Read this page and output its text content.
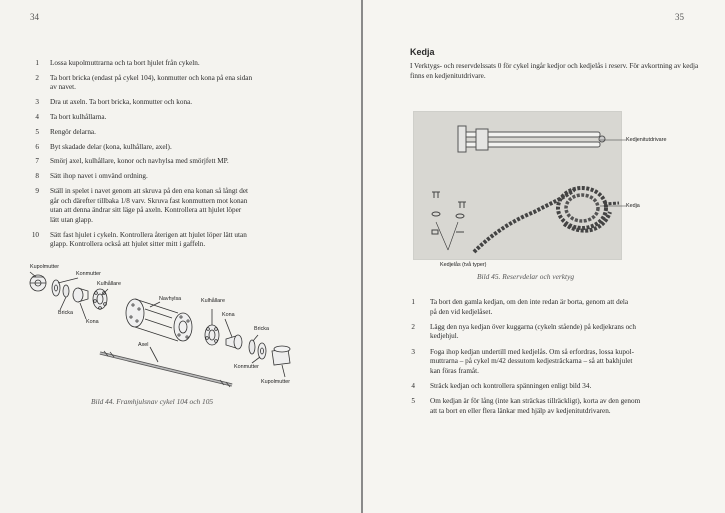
34
1 Lossa kupolmuttrarna och ta bort hjulet från cykeln.
2 Ta bort bricka (endast på cykel 104), konmutter och kona på ena sidan
av navet.
3 Dra ut axeln. Ta bort bricka, konmutter och kona.
4 Ta bort kulhållarna.
5 Rengör delarna.
6 Byt skadade delar (kona, kulhållare, axel).
7 Smörj axel, kulhållare, konor och navhylsa med smörjfett MP.
8 Sätt ihop navet i omvänd ordning.
9 Ställ in spelet i navet genom att skruva på den ena konan så långt det
går och därefter tillbaka 1/8 varv. Skruva fast konmuttern mot konan
utan att denna ändrar sitt läge på axeln. Kontrollera att hjulet löper
lätt utan glapp.
10 Sätt fast hjulet i cykeln. Kontrollera återigen att hjulet löper lätt utan
glapp. Kontrollera också att hjulet sitter mitt i gaffeln.
Kupolmutter
Konmutter
Kulhållare
Bricka
Kona
Navhylsa	Kulhållare
Kona
Bricka
Axel
Konmutter
Kupolmutter
Bild 44. Framhjulsnav cykel 104 och 105
35
Kedja
I Verktygs- och reservdelssats 0 för cykel ingår kedjor och kedjelås i reserv. För avkortning av kedja finns en kedjenitutdrivare.
Kedjenitutdrivare
Kedja
Kedjelås (två typer)
Bild 45. Reservdelar och verktyg
1 Ta bort den gamla kedjan, om den inte redan är borta, genom att dela
på den vid kedjelåset.
2 Lägg den nya kedjan över kuggarna (cykeln stående) på kedjekrans och
kedjehjul.
3 Foga ihop kedjan undertill med kedjelås. Om så erfordras, lossa kupol-
muttrarna – på cykel m/42 dessutom kedjesträckarna – så att bakhjulet
kan föras framåt.
4 Sträck kedjan och kontrollera spänningen enligt bild 34.
5 Om kedjan är för lång (inte kan sträckas tillräckligt), korta av den genom
att ta bort en eller flera länkar med hjälp av kedjenitutdrivaren.
